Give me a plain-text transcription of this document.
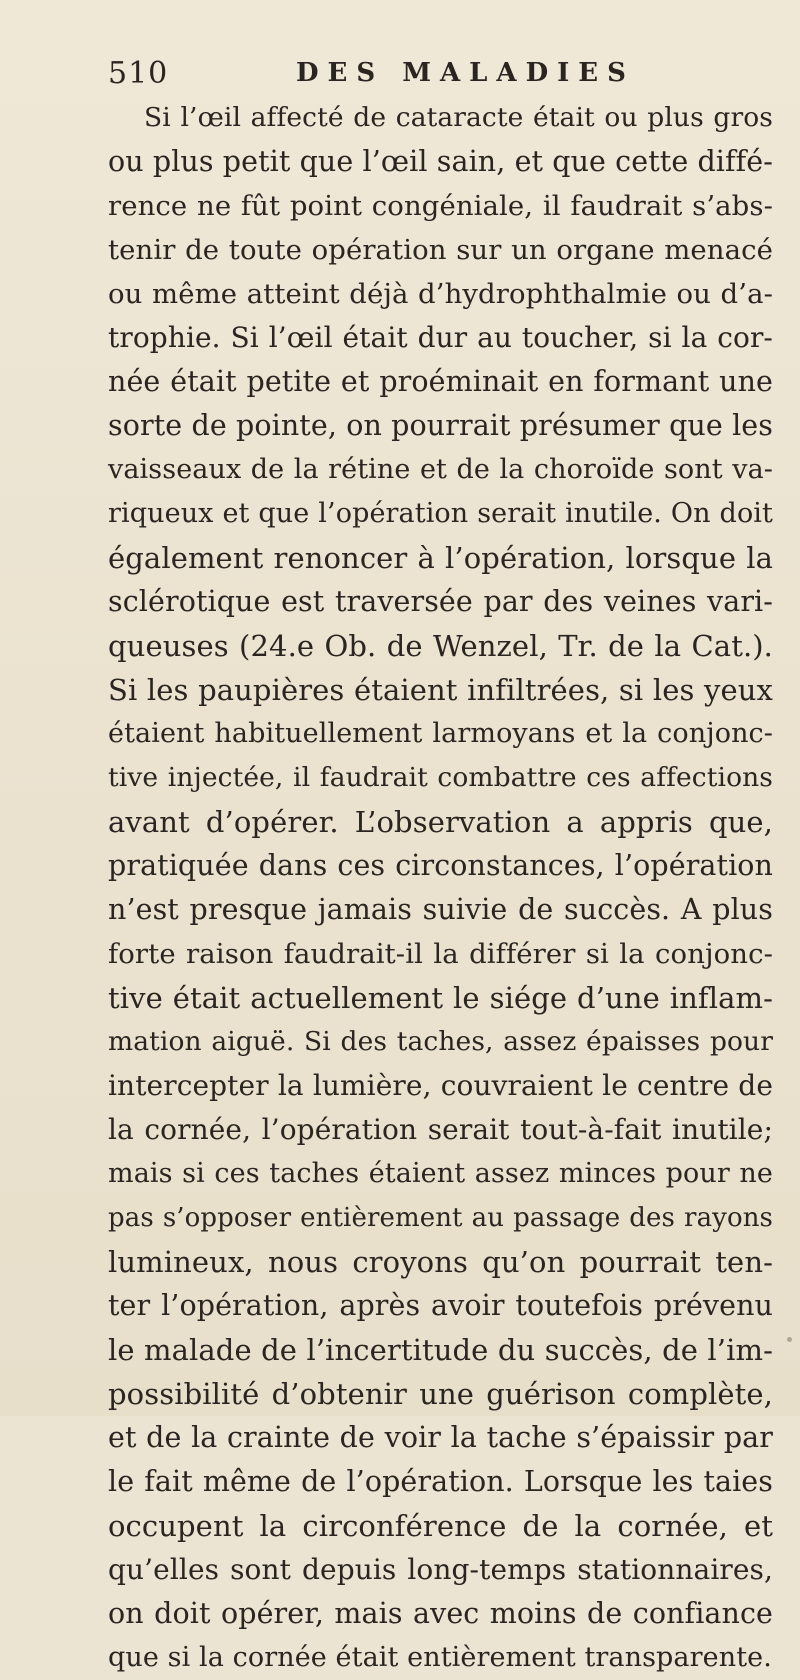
510	DES MALADIES
Si l’œil affecté de cataracte était ou plus gros
ou plus petit que l’œil sain, et que cette diffé-
rence ne fût point congéniale, il faudrait s’abs-
tenir de toute opération sur un organe menacé
ou même atteint déjà d’hydrophthalmie ou d’a-
trophie. Si l’œil était dur au toucher, si la cor-
née était petite et proéminait en formant une
sorte de pointe, on pourrait présumer que les
vaisseaux de la rétine et de la choroïde sont va-
riqueux et que l’opération serait inutile. On doit
également renoncer à l’opération, lorsque la
sclérotique est traversée par des veines vari-
queuses (24.e Ob. de Wenzel, Tr. de la Cat.).
Si les paupières étaient infiltrées, si les yeux
étaient habituellement larmoyans et la conjonc-
tive injectée, il faudrait combattre ces affections
avant d’opérer. L’observation a appris que,
pratiquée dans ces circonstances, l’opération
n’est presque jamais suivie de succès. A plus
forte raison faudrait-il la différer si la conjonc-
tive était actuellement le siége d’une inflam-
mation aiguë. Si des taches, assez épaisses pour
intercepter la lumière, couvraient le centre de
la cornée, l’opération serait tout-à-fait inutile;
mais si ces taches étaient assez minces pour ne
pas s’opposer entièrement au passage des rayons
lumineux, nous croyons qu’on pourrait ten-
ter l’opération, après avoir toutefois prévenu
le malade de l’incertitude du succès, de l’im-
possibilité d’obtenir une guérison complète,
et de la crainte de voir la tache s’épaissir par
le fait même de l’opération. Lorsque les taies
occupent la circonférence de la cornée, et
qu’elles sont depuis long-temps stationnaires,
on doit opérer, mais avec moins de confiance
que si la cornée était entièrement transparente.
